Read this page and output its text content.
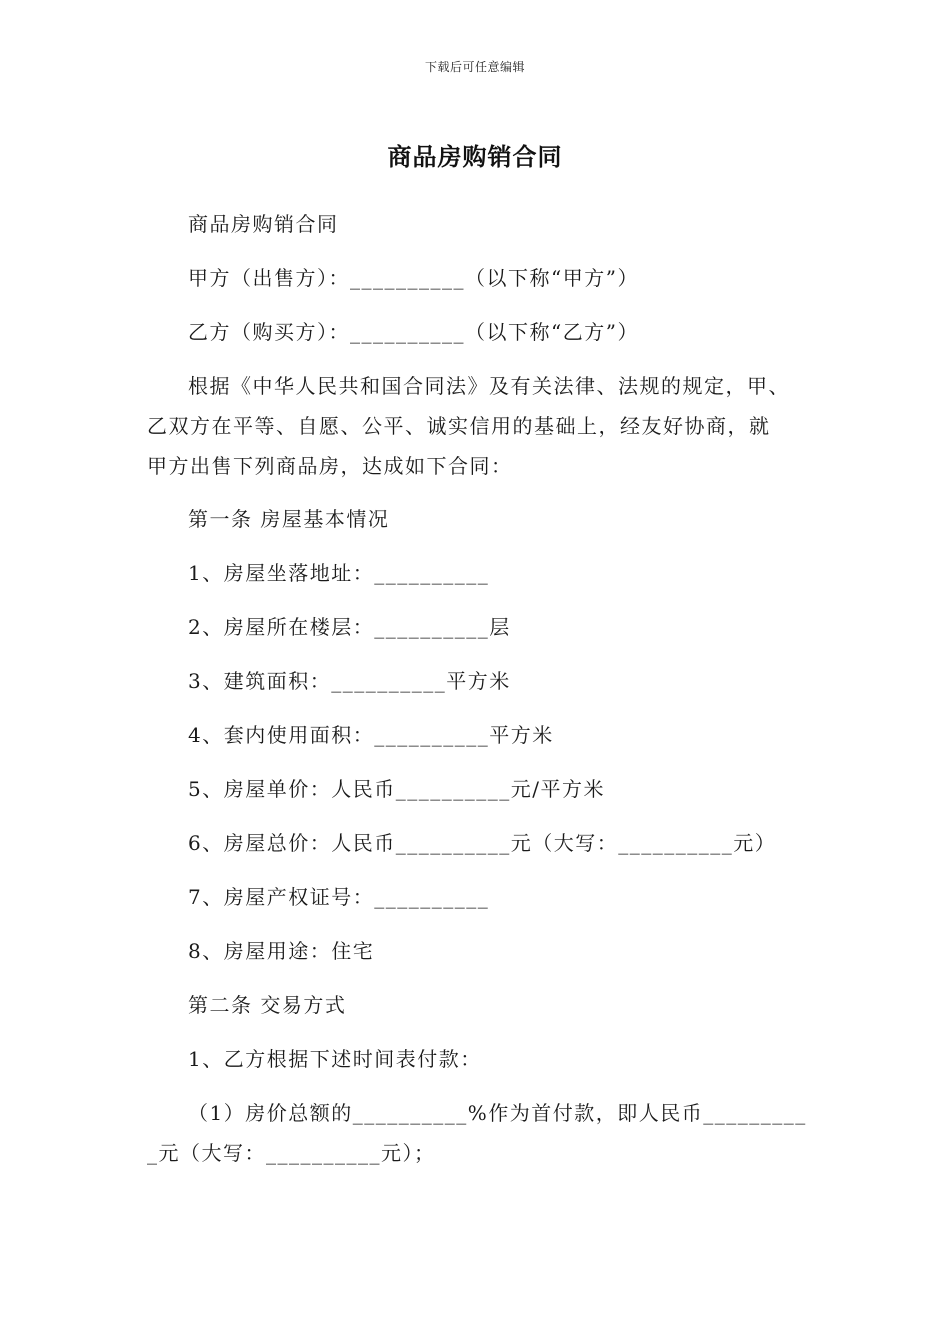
下载后可任意编辑
商品房购销合同
商品房购销合同
甲方（出售方）：__________（以下称“甲方”）
乙方（购买方）：__________（以下称“乙方”）
根据《中华人民共和国合同法》及有关法律、法规的规定，甲、
乙双方在平等、自愿、公平、诚实信用的基础上，经友好协商，就
甲方出售下列商品房，达成如下合同：
第一条 房屋基本情况
1、房屋坐落地址：__________
2、房屋所在楼层：__________层
3、建筑面积：__________平方米
4、套内使用面积：__________平方米
5、房屋单价：人民币__________元/平方米
6、房屋总价：人民币__________元（大写：__________元）
7、房屋产权证号：__________
8、房屋用途：住宅
第二条 交易方式
1、乙方根据下述时间表付款：
（1）房价总额的__________%作为首付款，即人民币_________
_元（大写：__________元）；
